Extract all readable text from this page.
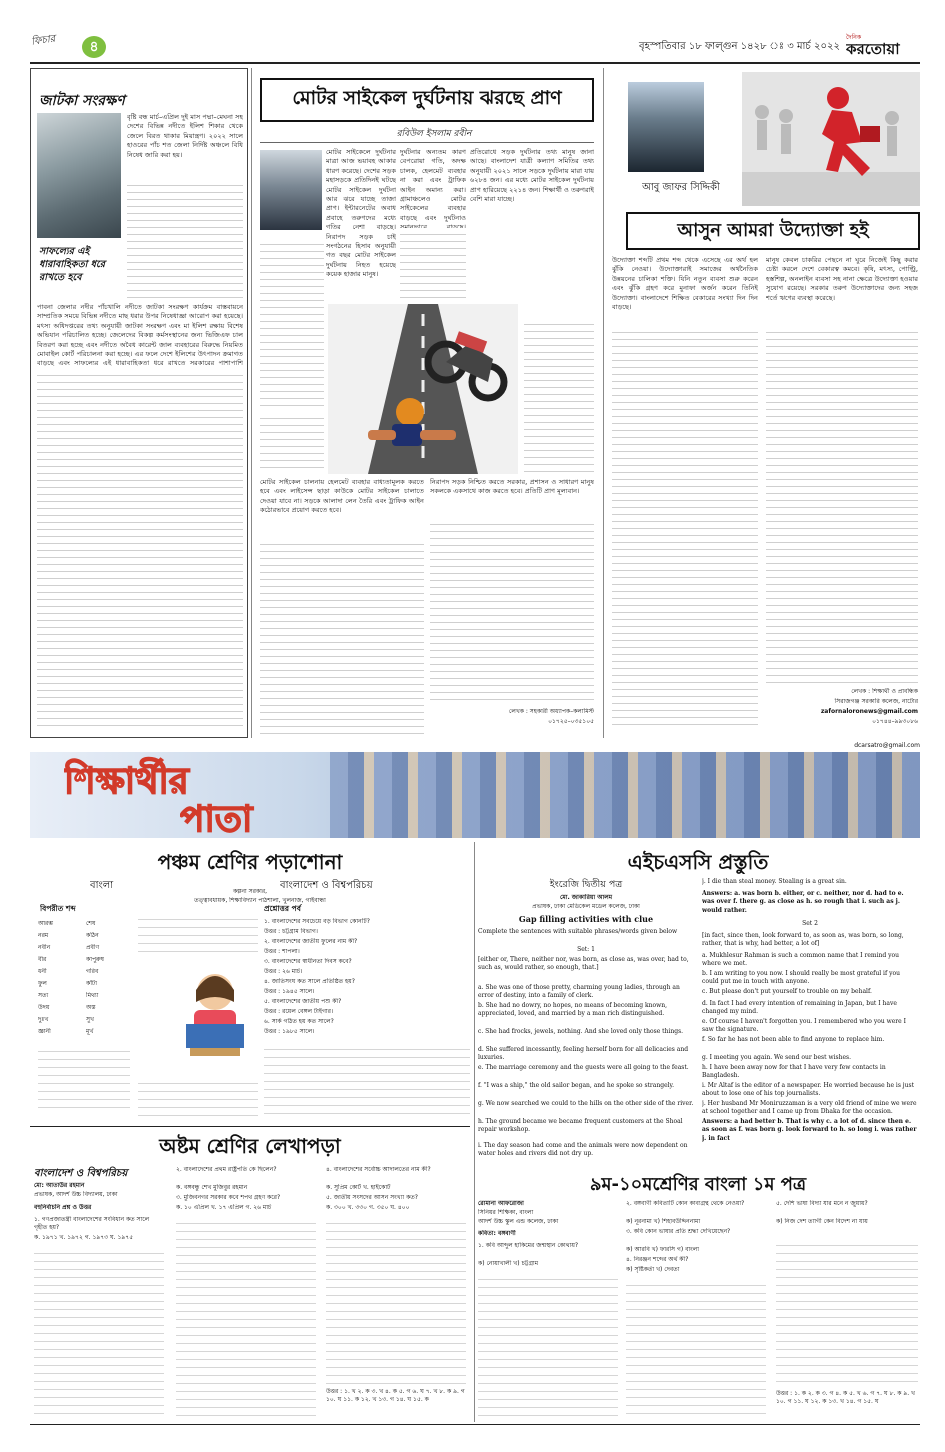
ফিচার	৪	বৃহস্পতিবার ১৮ ফাল্গুন ১৪২৮ ঃ ৩ মার্চ ২০২২
দৈনিক
করতোয়া
জাটকা সংরক্ষণ
সাফল্যের এই ধারাবাহিকতা ধরে রাখতে হবে
বৃষ্টি বন্ধ মার্চ–এপ্রিল দুই মাস পদ্মা–মেঘনা সহ দেশের বিভিন্ন নদীতে ইলিশ শিকার থেকে জেলে বিরত থাকার মিয়ান্ত্রণ। ২০২২ সালে হাওরের পাঁচ শত জেলা নির্দিষ্ট অঞ্চলে বিধি নিষেধ জারি করা হয়।
পাবনা জেলার নদীর পাঁচখালি নদীতে জাটকা সংরক্ষণ কার্যক্রম বাস্তবায়নে সাম্প্রতিক সময়ে বিভিন্ন নদীতে মাছ ধরার উপর নিষেধাজ্ঞা আরোপ করা হয়েছে। মৎস্য অধিদপ্তরের তথ্য অনুযায়ী জাটকা সংরক্ষণ এবং মা ইলিশ রক্ষায় বিশেষ অভিযান পরিচালিত হচ্ছে। জেলেদের বিকল্প কর্মসংস্থানের জন্য ভিজিএফ চাল বিতরণ করা হচ্ছে এবং নদীতে অবৈধ কারেন্ট জাল ব্যবহারের বিরুদ্ধে নিয়মিত মোবাইল কোর্ট পরিচালনা করা হচ্ছে। এর ফলে দেশে ইলিশের উৎপাদন ক্রমাগত বাড়ছে এবং সাফল্যের এই ধারাবাহিকতা ধরে রাখতে সরকারের পাশাপাশি
মোটর সাইকেল দুর্ঘটনায় ঝরছে প্রাণ
রবিউল ইসলাম রবীন
মোটর সাইকেলে দুর্ঘটনার মাত্রা আজ ভয়াবহ আকার ধারণ করেছে। দেশের সড়ক মহাসড়কে প্রতিদিনই ঘটছে মোটর সাইকেল দুর্ঘটনা আর ঝরে যাচ্ছে তাজা প্রাণ। ইন্টারনেটের অবাধ প্রবাহে তরুণদের মধ্যে গতির নেশা বাড়ছে। নিরাপদ সড়ক চাই সংগঠনের হিসাব অনুযায়ী গত বছর মোটর সাইকেল দুর্ঘটনায় নিহত হয়েছে কয়েক হাজার মানুষ।
দুর্ঘটনার অন্যতম কারণ বেপরোয়া গতি, অদক্ষ চালক, হেলমেট ব্যবহার না করা এবং ট্রাফিক আইন অমান্য করা। গ্রামাঞ্চলেও মোটর সাইকেলের ব্যবহার বাড়ছে এবং দুর্ঘটনাও
প্রতিরোধে সড়ক দুর্ঘটনার তথ্য মানুষ জানা আছে। বাংলাদেশ যাত্রী কল্যাণ সমিতির তথ্য অনুযায়ী ২০২১ সালে সড়কে দুর্ঘটনায় মারা যায় ৬২৮৪ জন। এর মধ্যে মোটর সাইকেল দুর্ঘটনায় প্রাণ হারিয়েছে ২২১৪ জন। শিক্ষার্থী ও তরুণরাই বেশি মারা যাচ্ছে।
মোটর সাইকেল চালনায় হেলমেট ব্যবহার বাধ্যতামূলক করতে হবে এবং লাইসেন্স ছাড়া কাউকে মোটর সাইকেল চালাতে দেওয়া যাবে না। সড়কে আলাদা লেন তৈরি এবং ট্রাফিক আইন কঠোরভাবে প্রয়োগ করতে হবে।
নিরাপদ সড়ক নিশ্চিত করতে সরকার, প্রশাসন ও সাধারণ মানুষ সকলকে একসাথে কাজ করতে হবে। প্রতিটি প্রাণ মূল্যবান।
লেখক : সহকারী অধ্যাপক–কলামিস্ট
০১৭২৫–০৩৫১০৫
আবু জাফর সিদ্দিকী
আসুন আমরা উদ্যোক্তা হই
উদ্যোক্তা শব্দটি প্রথম শব্দ থেকে এসেছে এর অর্থ হল ঝুঁকি নেওয়া। উদ্যোক্তারাই সমাজের অর্থনৈতিক উন্নয়নের চালিকা শক্তি। যিনি নতুন ব্যবসা শুরু করেন এবং ঝুঁকি গ্রহণ করে মুনাফা অর্জন করেন তিনিই উদ্যোক্তা। বাংলাদেশে শিক্ষিত বেকারের সংখ্যা দিন দিন বাড়ছে।
মানুষ কেবল চাকরির পেছনে না ঘুরে নিজেই কিছু করার চেষ্টা করলে দেশে বেকারত্ব কমবে। কৃষি, মৎস্য, পোল্ট্রি, হস্তশিল্প, অনলাইন ব্যবসা সহ নানা ক্ষেত্রে উদ্যোক্তা হওয়ার সুযোগ রয়েছে। সরকার তরুণ উদ্যোক্তাদের জন্য সহজ শর্তে ঋণের ব্যবস্থা করেছে।
লেখক : শিক্ষার্থী ও প্রাবন্ধিক
সিরাজগঞ্জ সরকারি কলেজ, নাটোর
zafornaloronews@gmail.com
০১৭৪৪–৯৯৩০৮৬
dcarsatro@gmail.com
শিক্ষার্থীর
পাতা
পঞ্চম শ্রেণির পড়াশোনা
বাংলা	বাংলাদেশ ও বিশ্বপরিচয়
কল্পনা সরকার,
তত্ত্বাবধায়ক, শিক্ষাবিদ্যান পাঠশালা, খুলনাজ, গাইবান্ধা
বিপরীত শব্দ
আরম্ভ	শেষ
নরম	কঠিন
নবীন	প্রবীণ
বীর	কাপুরুষ
ধনী	গরিব
ফুল	কাঁটা
সত্য	মিথ্যা
উদয়	অস্ত
দুঃখ	সুখ
জ্ঞানী	মূর্খ
প্রশ্নোত্তর পর্ব
১. বাংলাদেশের সবচেয়ে বড় বিভাগ কোনটি?
উত্তর : চট্টগ্রাম বিভাগ।
২. বাংলাদেশের জাতীয় ফুলের নাম কী?
উত্তর : শাপলা।
৩. বাংলাদেশের স্বাধীনতা দিবস কবে?
উত্তর : ২৬ মার্চ।
৪. জাতিসংঘ কত সালে প্রতিষ্ঠিত হয়?
উত্তর : ১৯৪৫ সালে।
৫. বাংলাদেশের জাতীয় পশু কী?
উত্তর : রয়েল বেঙ্গল টাইগার।
৬. সার্ক গঠিত হয় কত সালে?
উত্তর : ১৯৮৫ সালে।
অষ্টম শ্রেণির লেখাপড়া
বাংলাদেশ ও বিশ্বপরিচয়
মো: আতাউর রহমান
প্রভাষক, আদর্শ উচ্চ বিদ্যালয়, ঢাকা
বহুনির্বাচনি প্রশ্ন ও উত্তর
১. গণপ্রজাতন্ত্রী বাংলাদেশের সংবিধান কত সালে গৃহীত হয়?
ক. ১৯৭১ খ. ১৯৭২ গ. ১৯৭৩ ঘ. ১৯৭৫
২. বাংলাদেশের প্রথম রাষ্ট্রপতি কে ছিলেন?
ক. বঙ্গবন্ধু শেখ মুজিবুর রহমান
৩. মুজিবনগর সরকার কবে শপথ গ্রহণ করে?
ক. ১০ এপ্রিল খ. ১৭ এপ্রিল গ. ২৬ মার্চ
৪. বাংলাদেশের সর্বোচ্চ আদালতের নাম কী?
ক. সুপ্রিম কোর্ট খ. হাইকোর্ট
৫. জাতীয় সংসদের আসন সংখ্যা কত?
ক. ৩০০ খ. ৩৩০ গ. ৩৫০ ঘ. ৪০০
উত্তর : ১. খ ২. ক ৩. খ ৪. ক ৫. গ ৬. ঘ ৭. খ ৮. ক ৯. গ ১০. ঘ ১১. ক ১২. খ ১৩. গ ১৪. ঘ ১৫. ক
এইচএসসি প্রস্তুতি
ইংরেজি দ্বিতীয় পত্র
মো. জাকারিয়া আলম
প্রভাষক, ঢাকা মেডিকেল মডেল কলেজ, ঢাকা
Gap filling activities with clue
Complete the sentences with suitable phrases/words given below
Set: 1
[either or, There, neither nor, was born, as close as, was over, had to, such as, would rather, so enough, that.]
a. She was one of those pretty, charming young ladies, through an error of destiny, into a family of clerk.
b. She had no dowry, no hopes, no means of becoming known, appreciated, loved, and married by a man rich distinguished.
c. She had frocks, jewels, nothing. And she loved only those things.
d. She suffered incessantly, feeling herself born for all delicacies and luxuries.
e. The marriage ceremony and the guests were all going to the feast.
f. "I was a ship," the old sailor began, and he spoke so strangely.
g. We now searched we could to the hills on the other side of the river.
h. The ground became we became frequent customers at the Shoal repair workshop.
j. I die than steal money. Stealing is a great sin.
Answers: a. was born b. either, or c. neither, nor d. had to e. was over f. there g. as close as h. so rough that i. such as j. would rather.
Set 2
[in fact, since then, look forward to, as soon as, was born, so long, rather, that is why, had better, a lot of]
a. Mukhlesur Rahman is such a common name that I remind you where we met.
b. I am writing to you now. I should really be most grateful if you could put me in touch with anyone.
c. But please don't put yourself to trouble on my behalf.
d. In fact I had every intention of remaining in Japan, but I have changed my mind.
e. Of course I haven't forgotten you. I remembered who you were I saw the signature.
f. So far he has not been able to find anyone to replace him.
g. I meeting you again. We send our best wishes.
h. I have been away now for that I have very few contacts in Bangladesh.
i. Mr Altaf is the editor of a newspaper. He worried because he is just about to lose one of his top journalists.
j. Her husband Mr Moniruzzaman is a very old friend of mine we were at school together and I came up from Dhaka for the occasion.
Answers: a had better b. That is why c. a lot of d. since then e. as soon as f. was born g. look forward to h. so long i. was rather j. in fact
i. The day season had come and the animals were now dependent on water holes and rivers did not dry up.
৯ম-১০মশ্রেণির বাংলা ১ম পত্র
রোমানা আফরোজা
সিনিয়র শিক্ষিকা, বাংলা
আদর্শ উচ্চ স্কুল এন্ড কলেজ, ঢাকা
কবিতা: বঙ্গবাণী
১. কবি আব্দুল হাকিমের জন্মস্থান কোথায়?
ক) নোয়াখালী খ) চট্টগ্রাম
২. বঙ্গবাণী কবিতাটি কোন কাব্যগ্রন্থ থেকে নেওয়া?
ক) নূরনামা খ) শিহাবউদ্দিননামা
৩. কবি কোন ভাষার প্রতি শ্রদ্ধা দেখিয়েছেন?
ক) আরবি খ) ফারসি গ) বাংলা
৪. নিরঞ্জন শব্দের অর্থ কী?
ক) সৃষ্টিকর্তা খ) দেবতা
৫. দেশি ভাষা বিদ্যা যার মনে ন জুয়ায়?
ক) নিজ দেশ ত্যাগী কেন বিদেশ না যায়
উত্তর : ১. ক ২. ক ৩. গ ৪. ক ৫. খ ৬. গ ৭. ঘ ৮. ক ৯. খ ১০. গ ১১. ঘ ১২. ক ১৩. খ ১৪. গ ১৫. ঘ
